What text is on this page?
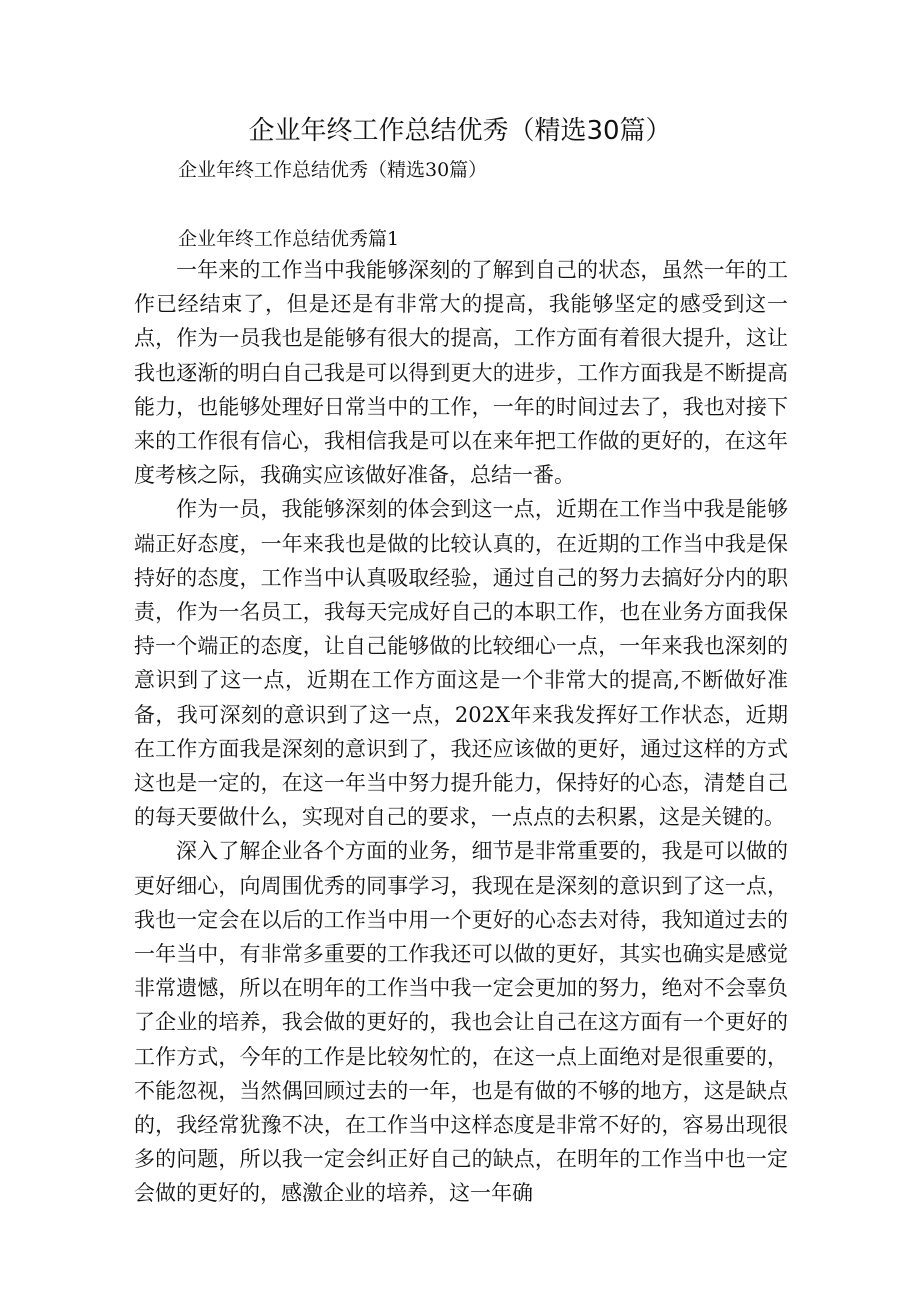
企业年终工作总结优秀（精选30篇）
企业年终工作总结优秀（精选30篇）
企业年终工作总结优秀篇1

一年来的工作当中我能够深刻的了解到自己的状态，虽然一年的工作已经结束了，但是还是有非常大的提高，我能够坚定的感受到这一点，作为一员我也是能够有很大的提高，工作方面有着很大提升，这让我也逐渐的明白自己我是可以得到更大的进步，工作方面我是不断提高能力，也能够处理好日常当中的工作，一年的时间过去了，我也对接下来的工作很有信心，我相信我是可以在来年把工作做的更好的，在这年度考核之际，我确实应该做好准备，总结一番。

作为一员，我能够深刻的体会到这一点，近期在工作当中我是能够端正好态度，一年来我也是做的比较认真的，在近期的工作当中我是保持好的态度，工作当中认真吸取经验，通过自己的努力去搞好分内的职责，作为一名员工，我每天完成好自己的本职工作，也在业务方面我保持一个端正的态度，让自己能够做的比较细心一点，一年来我也深刻的意识到了这一点，近期在工作方面这是一个非常大的提高,不断做好准备，我可深刻的意识到了这一点，202X年来我发挥好工作状态，近期在工作方面我是深刻的意识到了，我还应该做的更好，通过这样的方式这也是一定的，在这一年当中努力提升能力，保持好的心态，清楚自己的每天要做什么，实现对自己的要求，一点点的去积累，这是关键的。

深入了解企业各个方面的业务，细节是非常重要的，我是可以做的更好细心，向周围优秀的同事学习，我现在是深刻的意识到了这一点，我也一定会在以后的工作当中用一个更好的心态去对待，我知道过去的一年当中，有非常多重要的工作我还可以做的更好，其实也确实是感觉非常遗憾，所以在明年的工作当中我一定会更加的努力，绝对不会辜负了企业的培养，我会做的更好的，我也会让自己在这方面有一个更好的工作方式，今年的工作是比较匆忙的，在这一点上面绝对是很重要的，不能忽视，当然偶回顾过去的一年，也是有做的不够的地方，这是缺点的，我经常犹豫不决，在工作当中这样态度是非常不好的，容易出现很多的问题，所以我一定会纠正好自己的缺点，在明年的工作当中也一定会做的更好的，感激企业的培养，这一年确
